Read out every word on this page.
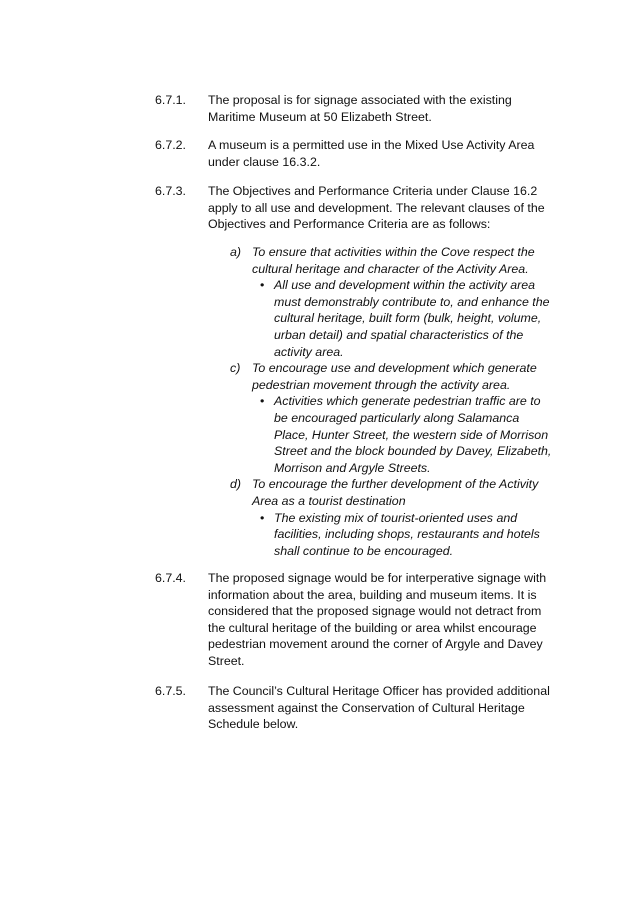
6.7.1.	The proposal is for signage associated with the existing
Maritime Museum at 50 Elizabeth Street.
6.7.2.	A museum is a permitted use in the Mixed Use Activity Area
under clause 16.3.2.
6.7.3.	The Objectives and Performance Criteria under Clause 16.2
apply to all use and development. The relevant clauses of the
Objectives and Performance Criteria are as follows:
a) To ensure that activities within the Cove respect the
cultural heritage and character of the Activity Area.
• All use and development within the activity area
must demonstrably contribute to, and enhance the
cultural heritage, built form (bulk, height, volume,
urban detail) and spatial characteristics of the
activity area.
c) To encourage use and development which generate
pedestrian movement through the activity area.
• Activities which generate pedestrian traffic are to
be encouraged particularly along Salamanca
Place, Hunter Street, the western side of Morrison
Street and the block bounded by Davey, Elizabeth,
Morrison and Argyle Streets.
d) To encourage the further development of the Activity
Area as a tourist destination
• The existing mix of tourist-oriented uses and
facilities, including shops, restaurants and hotels
shall continue to be encouraged.
6.7.4.	The proposed signage would be for interperative signage with
information about the area, building and museum items. It is
considered that the proposed signage would not detract from
the cultural heritage of the building or area whilst encourage
pedestrian movement around the corner of Argyle and Davey
Street.
6.7.5.	The Council’s Cultural Heritage Officer has provided additional
assessment against the Conservation of Cultural Heritage
Schedule below.
